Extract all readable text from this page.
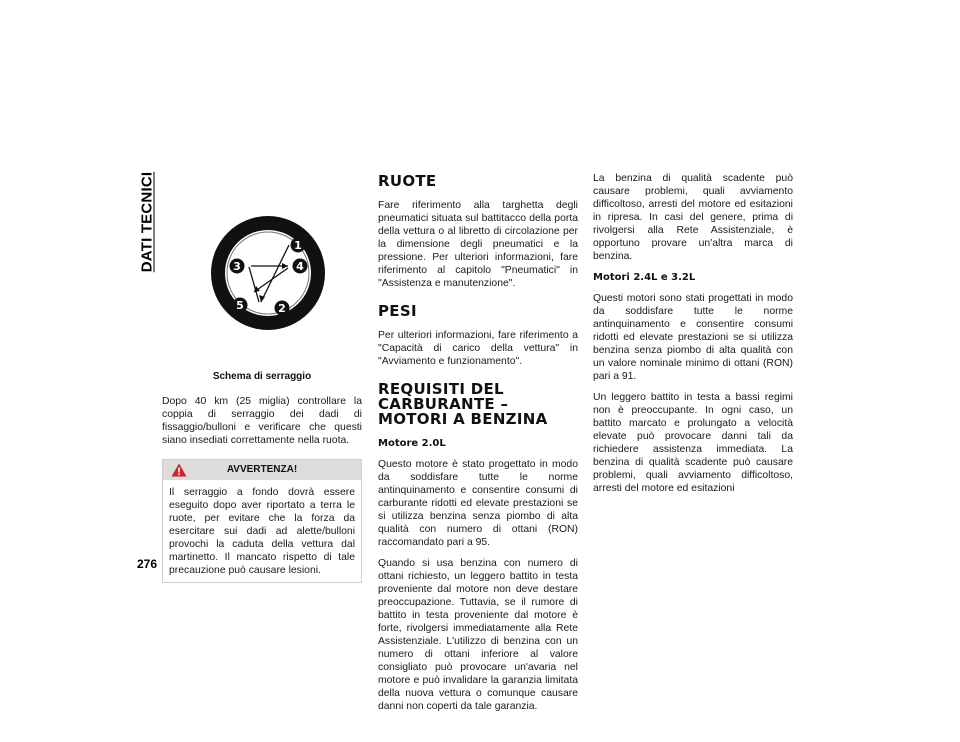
DATI TECNICI
276
1
2
3	4
5
Schema di serraggio

Dopo 40 km (25 miglia) controllare la coppia di serraggio dei dadi di fissaggio/bulloni e verificare che questi siano insediati correttamente nella ruota.

AVVERTENZA!

Il serraggio a fondo dovrà essere eseguito dopo aver riportato a terra le ruote, per evitare che la forza da esercitare sui dadi ad alette/bulloni provochi la caduta della vettura dal martinetto. Il mancato rispetto di tale precauzione può causare lesioni.

RUOTE

Fare riferimento alla targhetta degli pneumatici situata sul battitacco della porta della vettura o al libretto di circolazione per la dimensione degli pneumatici e la pressione. Per ulteriori informazioni, fare riferimento al capitolo "Pneumatici" in "Assistenza e manutenzione".

PESI

Per ulteriori informazioni, fare riferimento a "Capacità di carico della vettura" in "Avviamento e funzionamento".

REQUISITI DEL CARBURANTE – MOTORI A BENZINA
Motore 2.0L

Questo motore è stato progettato in modo da soddisfare tutte le norme antinquinamento e consentire consumi di carburante ridotti ed elevate prestazioni se si utilizza benzina senza piombo di alta qualità con numero di ottani (RON) raccomandato pari a 95.

Quando si usa benzina con numero di ottani richiesto, un leggero battito in testa proveniente dal motore non deve destare preoccupazione. Tuttavia, se il rumore di battito in testa proveniente dal motore è forte, rivolgersi immediatamente alla Rete Assistenziale. L'utilizzo di benzina con un numero di ottani inferiore al valore consigliato può provocare un'avaria nel motore e può invalidare la garanzia limitata della nuova vettura o comunque causare danni non coperti da tale garanzia.

La benzina di qualità scadente può causare problemi, quali avviamento difficoltoso, arresti del motore ed esitazioni in ripresa. In casi del genere, prima di rivolgersi alla Rete Assistenziale, è opportuno provare un'altra marca di benzina.

Motori 2.4L e 3.2L

Questi motori sono stati progettati in modo da soddisfare tutte le norme antinquinamento e consentire consumi ridotti ed elevate prestazioni se si utilizza benzina senza piombo di alta qualità con un valore nominale minimo di ottani (RON) pari a 91.

Un leggero battito in testa a bassi regimi non è preoccupante. In ogni caso, un battito marcato e prolungato a velocità elevate può provocare danni tali da richiedere assistenza immediata. La benzina di qualità scadente può causare problemi, quali avviamento difficoltoso, arresti del motore ed esitazioni
